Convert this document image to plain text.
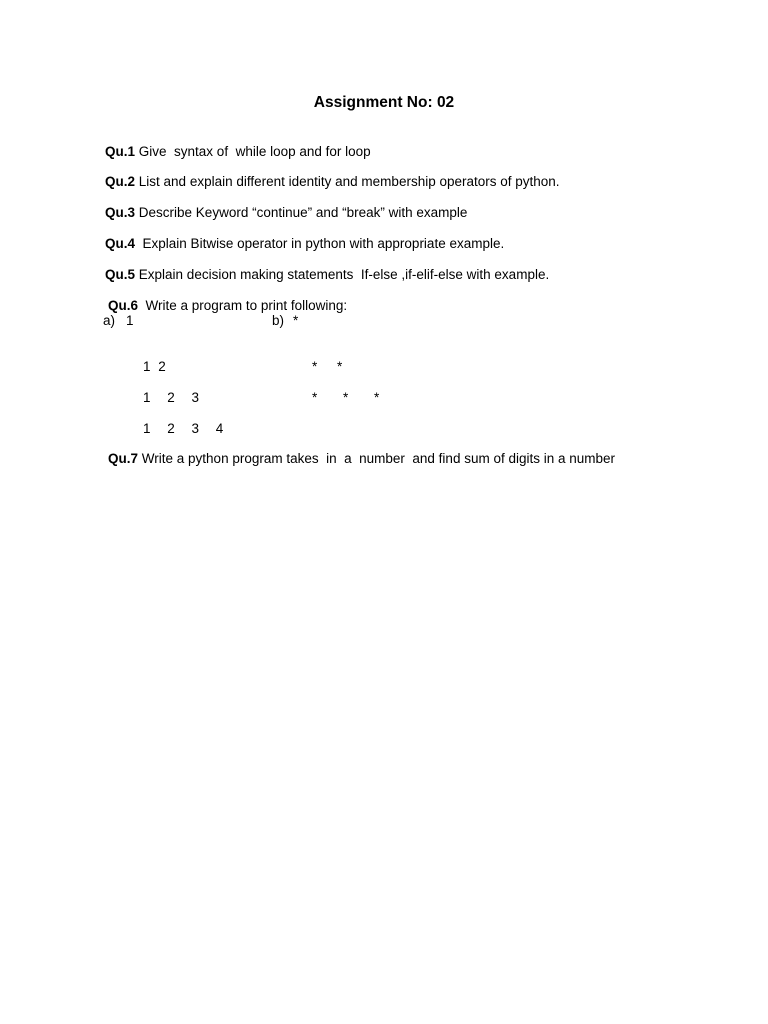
Assignment No: 02

Qu.1 Give  syntax of  while loop and for loop

Qu.2 List and explain different identity and membership operators of python.

Qu.3 Describe Keyword “continue” and “break” with example

Qu.4  Explain Bitwise operator in python with appropriate example.

Qu.5 Explain decision making statements  If-else ,if-elif-else with example.

Qu.6  Write a program to print following:

a) 1

1 2

1 2 3

1 2 3 4

b) *

* *

* * *

Qu.7 Write a python program takes  in  a  number  and find sum of digits in a number
